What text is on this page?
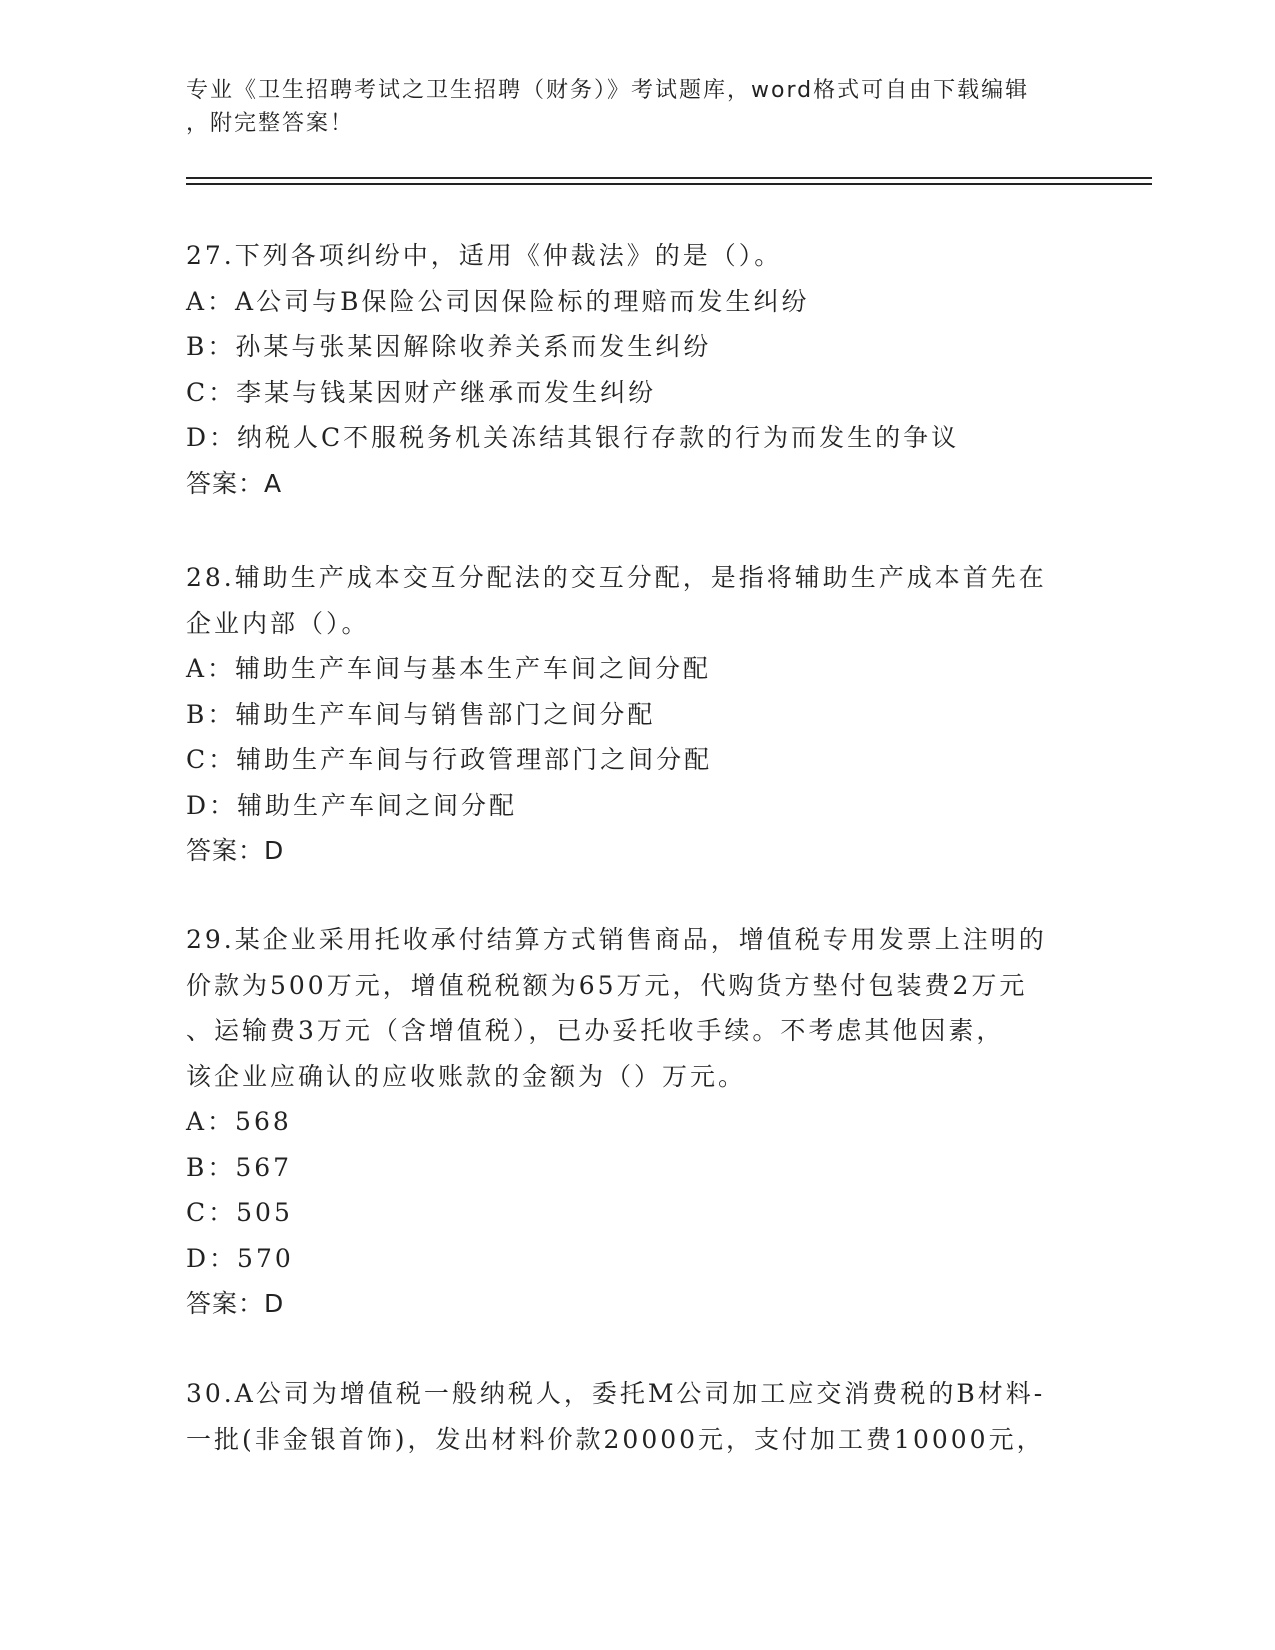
专业《卫生招聘考试之卫生招聘（财务）》考试题库，word格式可自由下载编辑

，附完整答案！

27.下列各项纠纷中，适用《仲裁法》的是（）。

A：A公司与B保险公司因保险标的理赔而发生纠纷

B：孙某与张某因解除收养关系而发生纠纷

C：李某与钱某因财产继承而发生纠纷

D：纳税人C不服税务机关冻结其银行存款的行为而发生的争议

答案：A

28.辅助生产成本交互分配法的交互分配，是指将辅助生产成本首先在

企业内部（）。

A：辅助生产车间与基本生产车间之间分配

B：辅助生产车间与销售部门之间分配

C：辅助生产车间与行政管理部门之间分配

D：辅助生产车间之间分配

答案：D

29.某企业采用托收承付结算方式销售商品，增值税专用发票上注明的

价款为500万元，增值税税额为65万元，代购货方垫付包装费2万元

、运输费3万元（含增值税），已办妥托收手续。不考虑其他因素，

该企业应确认的应收账款的金额为（）万元。

A：568

B：567

C：505

D：570

答案：D

30.A公司为增值税一般纳税人，委托M公司加工应交消费税的B材料-

一批(非金银首饰)，发出材料价款20000元，支付加工费10000元，
